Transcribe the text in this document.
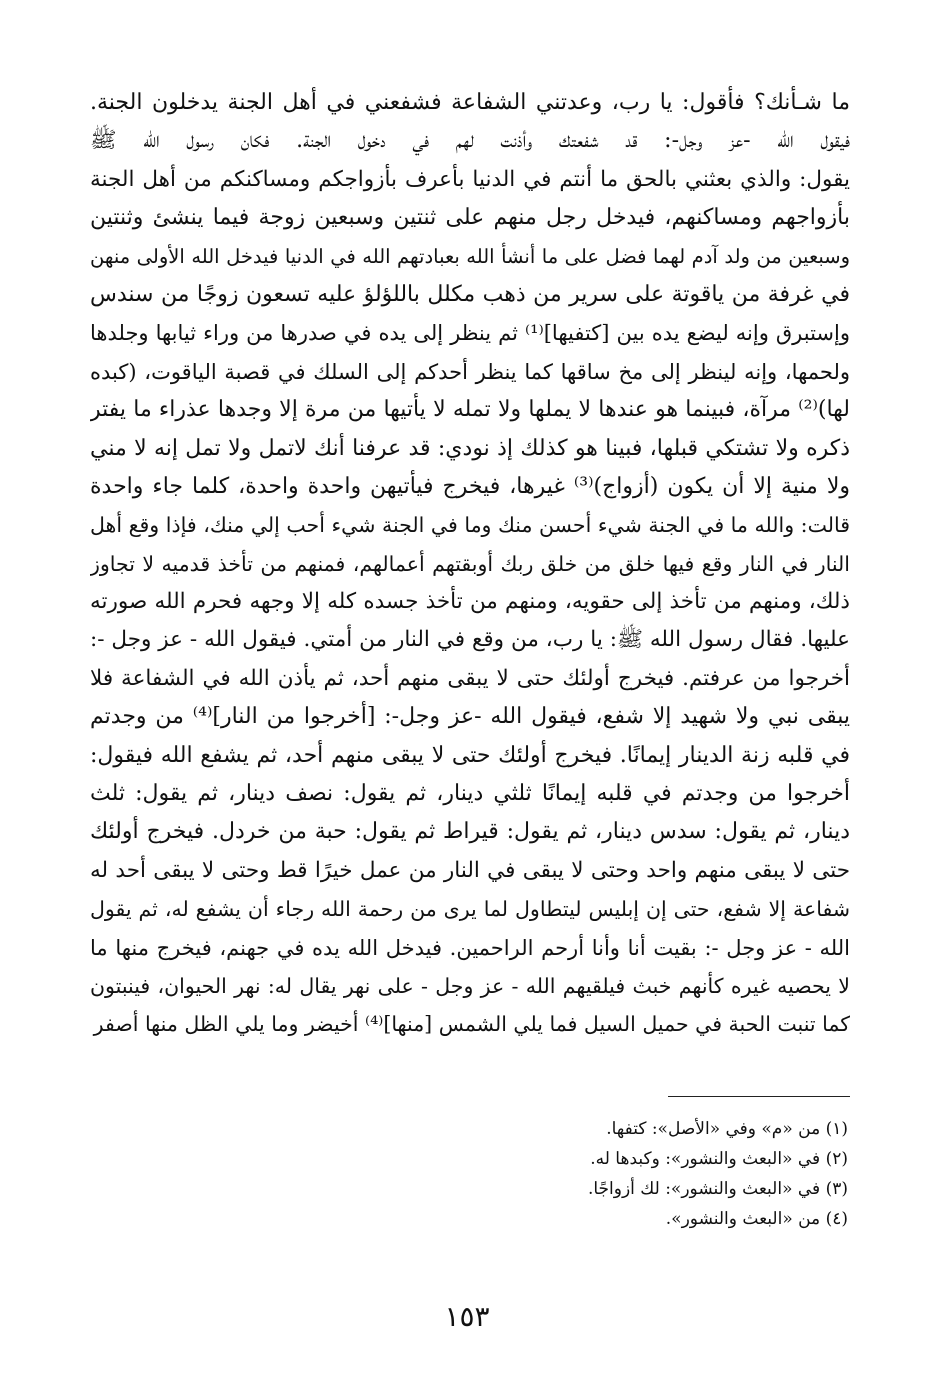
ما شـأنك؟ فأقول: يا رب، وعدتني الشفاعة فشفعني في أهل الجنة يدخلون الجنة.
فيقول الله -عز وجل-: قد شفعتك وأذنت لهم في دخول الجنة. فكان رسول الله ﷺ
يقول: والذي بعثني بالحق ما أنتم في الدنيا بأعرف بأزواجكم ومساكنكم من أهل الجنة
بأزواجهم ومساكنهم، فيدخل رجل منهم على ثنتين وسبعين زوجة فيما ينشئ وثنتين
وسبعين من ولد آدم لهما فضل على ما أنشأ الله بعبادتهم الله في الدنيا فيدخل الله الأولى منهن
في غرفة من ياقوتة على سرير من ذهب مكلل باللؤلؤ عليه تسعون زوجًا من سندس
وإستبرق وإنه ليضع يده بين [كتفيها]⁽¹⁾ ثم ينظر إلى يده في صدرها من وراء ثيابها وجلدها
ولحمها، وإنه لينظر إلى مخ ساقها كما ينظر أحدكم إلى السلك في قصبة الياقوت، (كبده
لها)⁽²⁾ مرآة، فبينما هو عندها لا يملها ولا تمله لا يأتيها من مرة إلا وجدها عذراء ما يفتر
ذكره ولا تشتكي قبلها، فبينا هو كذلك إذ نودي: قد عرفنا أنك لاتمل ولا تمل إنه لا مني
ولا منية إلا أن يكون (أزواج)⁽³⁾ غيرها، فيخرج فيأتيهن واحدة واحدة، كلما جاء واحدة
قالت: والله ما في الجنة شيء أحسن منك وما في الجنة شيء أحب إلي منك، فإذا وقع أهل
النار في النار وقع فيها خلق من خلق ربك أوبقتهم أعمالهم، فمنهم من تأخذ قدميه لا تجاوز
ذلك، ومنهم من تأخذ إلى حقويه، ومنهم من تأخذ جسده كله إلا وجهه فحرم الله صورته
عليها. فقال رسول الله ﷺ: يا رب، من وقع في النار من أمتي. فيقول الله - عز وجل -:
أخرجوا من عرفتم. فيخرج أولئك حتى لا يبقى منهم أحد، ثم يأذن الله في الشفاعة فلا
يبقى نبي ولا شهيد إلا شفع، فيقول الله -عز وجل-: [أخرجوا من النار]⁽⁴⁾ من وجدتم
في قلبه زنة الدينار إيمانًا. فيخرج أولئك حتى لا يبقى منهم أحد، ثم يشفع الله فيقول:
أخرجوا من وجدتم في قلبه إيمانًا ثلثي دينار، ثم يقول: نصف دينار، ثم يقول: ثلث
دينار، ثم يقول: سدس دينار، ثم يقول: قيراط ثم يقول: حبة من خردل. فيخرج أولئك
حتى لا يبقى منهم واحد وحتى لا يبقى في النار من عمل خيرًا قط وحتى لا يبقى أحد له
شفاعة إلا شفع، حتى إن إبليس ليتطاول لما يرى من رحمة الله رجاء أن يشفع له، ثم يقول
الله - عز وجل -: بقيت أنا وأنا أرحم الراحمين. فيدخل الله يده في جهنم، فيخرج منها ما
لا يحصيه غيره كأنهم خبث فيلقيهم الله - عز وجل - على نهر يقال له: نهر الحيوان، فينبتون
كما تنبت الحبة في حميل السيل فما يلي الشمس [منها]⁽⁴⁾ أخيضر وما يلي الظل منها أصفر
(١) من «م» وفي «الأصل»: كتفها.
(٢) في «البعث والنشور»: وكبدها له.
(٣) في «البعث والنشور»: لك أزواجًا.
(٤) من «البعث والنشور».
١٥٣
